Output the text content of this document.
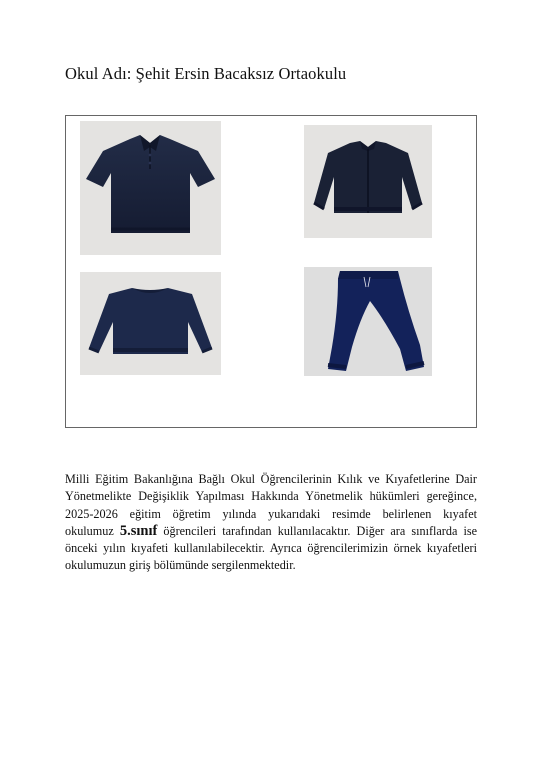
Okul Adı: Şehit Ersin Bacaksız Ortaokulu
Milli Eğitim Bakanlığına Bağlı Okul Öğrencilerinin Kılık ve Kıyafetlerine Dair
Yönetmelikte Değişiklik Yapılması Hakkında Yönetmelik hükümleri gereğince,
2025-2026 eğitim öğretim yılında yukarıdaki resimde belirlenen kıyafet
okulumuz 5.sınıf öğrencileri tarafından kullanılacaktır. Diğer ara sınıflarda ise
önceki yılın kıyafeti kullanılabilecektir. Ayrıca öğrencilerimizin örnek kıyafetleri
okulumuzun giriş bölümünde sergilenmektedir.
